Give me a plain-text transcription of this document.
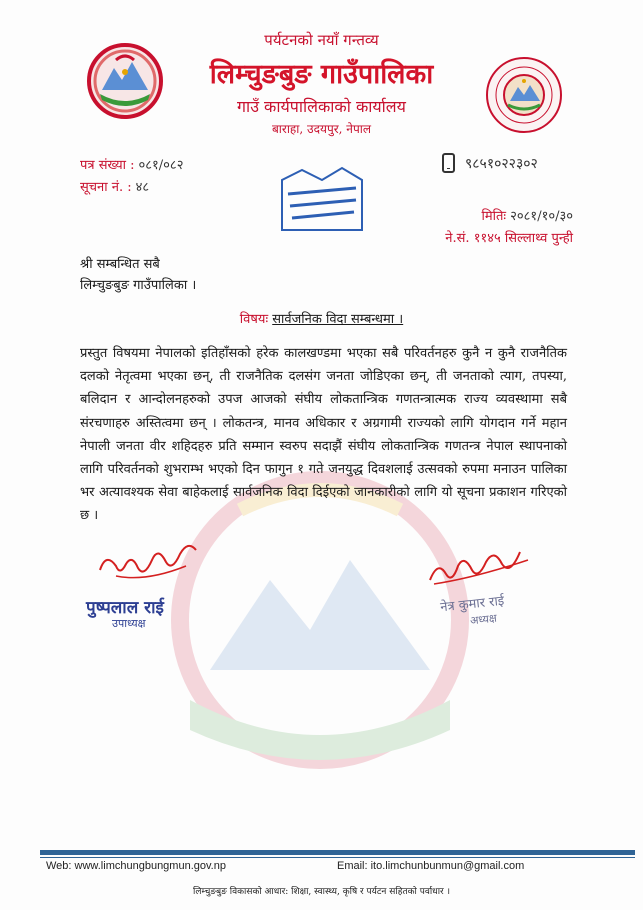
पर्यटनको नयाँ गन्तव्य
लिम्चुङबुङ गाउँपालिका
गाउँ कार्यपालिकाको कार्यालय
बाराहा, उदयपुर, नेपाल
पत्र संख्या : ०८१/०८२
सूचना नं. : ४८
९८५१०२२३०२
मितिः २०८१/१०/३०
ने.सं. ११४५ सिल्लाथ्व पुन्ही
श्री सम्बन्धित सबै
लिम्चुङबुङ गाउँपालिका ।
विषयः सार्वजनिक विदा सम्बन्धमा ।

प्रस्तुत विषयमा नेपालको इतिहाँसको हरेक कालखण्डमा भएका सबै परिवर्तनहरु कुनै न कुनै राजनैतिक दलको नेतृत्वमा भएका छन्, ती राजनैतिक दलसंग जनता जोडिएका छन्, ती जनताको त्याग, तपस्या, बलिदान र आन्दोलनहरुको उपज आजको संघीय लोकतान्त्रिक गणतन्त्रात्मक राज्य व्यवस्थामा सबै संरचणाहरु अस्तित्वमा छन् । लोकतन्त्र, मानव अधिकार र अग्रगामी राज्यको लागि योगदान गर्ने महान नेपाली जनता वीर शहिदहरु प्रति सम्मान स्वरुप सदाझैं संघीय लोकतान्त्रिक गणतन्त्र नेपाल स्थापनाको लागि परिवर्तनको शुभराम्भ भएको दिन फागुन १ गते जनयुद्ध दिवशलाई उत्सवको रुपमा मनाउन पालिका भर अत्यावश्यक सेवा बाहेकलाई सार्वजनिक विदा दिईएको जानकारीको लागि यो सूचना प्रकाशन गरिएको छ ।

पुष्पलाल राई
उपाध्यक्ष
नेत्र कुमार राई
अध्यक्ष
Web: www.limchungbungmun.gov.np	Email: ito.limchunbunmun@gmail.com
लिम्चुङबुङ विकासको आधार: शिक्षा, स्वास्थ्य, कृषि र पर्यटन सहितको पर्वाधार ।
